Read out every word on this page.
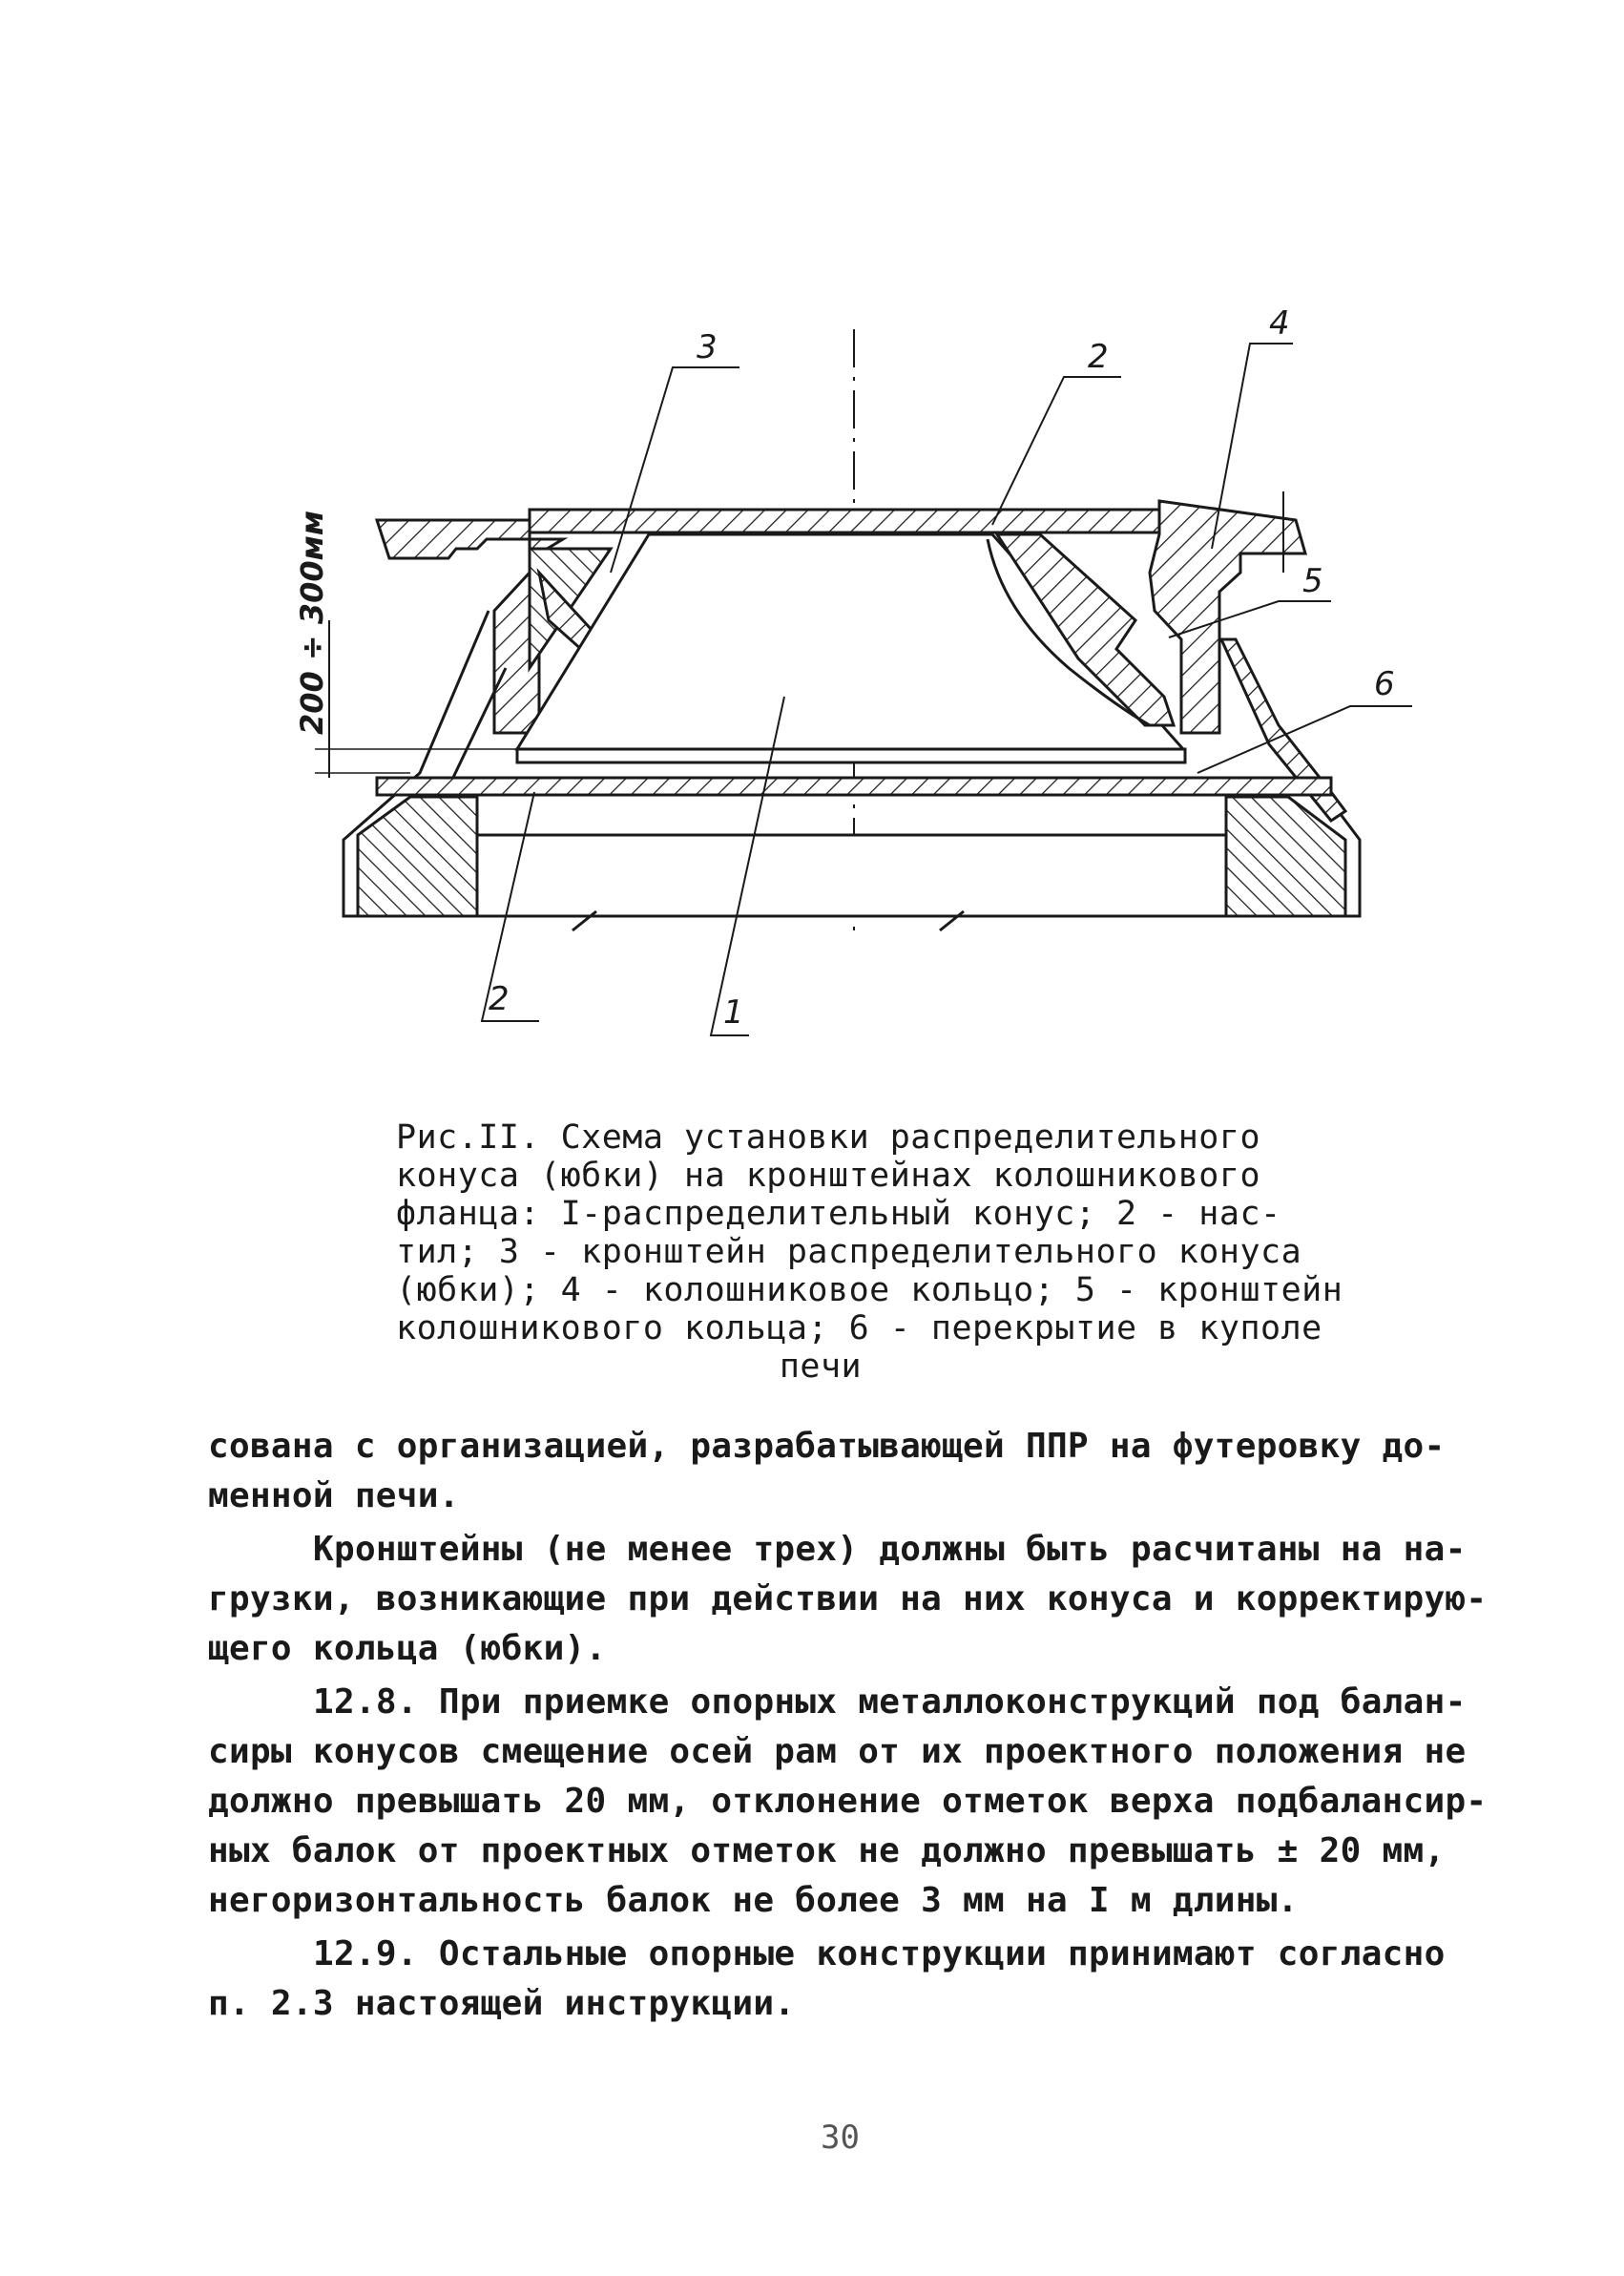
3	2
4
5
6
2	1
200 ÷ 300мм
Рис.II. Схема установки распределительного
конуса (юбки) на кронштейнах колошникового
фланца: I-распределительный конус; 2 - нас-
тил; 3 - кронштейн распределительного конуса
(юбки); 4 - колошниковое кольцо; 5 - кронштейн
колошникового кольца; 6 - перекрытие в куполе
печи
сована с организацией, разрабатывающей ППР на футеровку до-
менной печи.
Кронштейны (не менее трех) должны быть расчитаны на на-
грузки, возникающие при действии на них конуса и корректирую-
щего кольца (юбки).
12.8. При приемке опорных металлоконструкций под балан-
сиры конусов смещение осей рам от их проектного положения не
должно превышать 20 мм, отклонение отметок верха подбалансир-
ных балок от проектных отметок не должно превышать ± 20 мм,
негоризонтальность балок не более 3 мм на I м длины.
12.9. Остальные опорные конструкции принимают согласно
п. 2.3 настоящей инструкции.
30
